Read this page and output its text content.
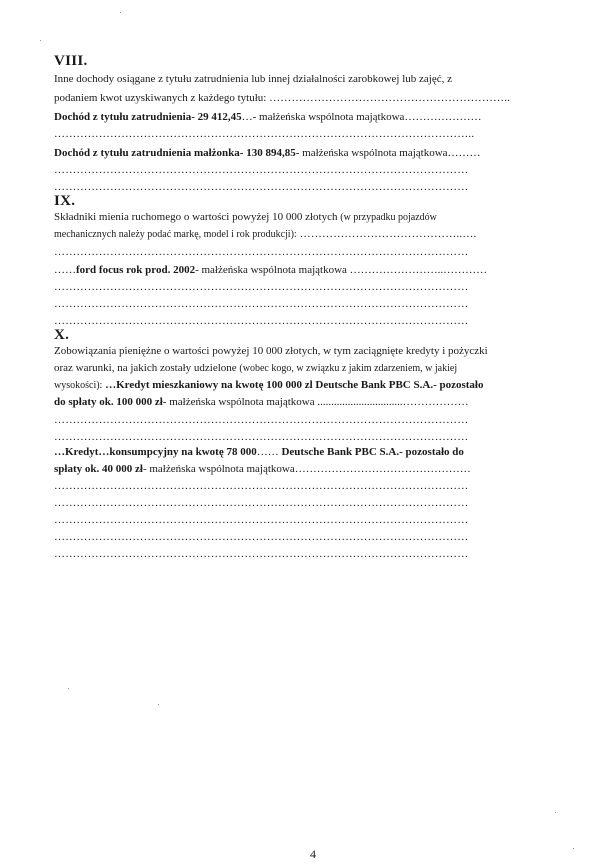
VIII.
Inne dochody osiągane z tytułu zatrudnienia lub innej działalności zarobkowej lub zajęć, z
podaniem kwot uzyskiwanych z każdego tytułu: ………………………………………………………..
Dochód z tytułu zatrudnienia- 29 412,45…- małżeńska wspólnota majątkowa…………………
…………………………………………………………………………………………………..
Dochód z tytułu zatrudnienia małżonka- 130 894,85- małżeńska wspólnota majątkowa………
…………………………………………………………………………………………………
…………………………………………………………………………………………………
IX.
Składniki mienia ruchomego o wartości powyżej 10 000 złotych (w przypadku pojazdów
mechanicznych należy podać markę, model i rok produkcji): ……………………………………..….
…………………………………………………………………………………………………
……ford focus rok prod. 2002- małżeńska wspólnota majątkowa ……………………..…………
…………………………………………………………………………………………………
…………………………………………………………………………………………………
…………………………………………………………………………………………………
X.
Zobowiązania pieniężne o wartości powyżej 10 000 złotych, w tym zaciągnięte kredyty i pożyczki
oraz warunki, na jakich zostały udzielone (wobec kogo, w związku z jakim zdarzeniem, w jakiej
wysokości): …Kredyt mieszkaniowy na kwotę 100 000 zl Deutsche Bank PBC S.A.- pozostało
do spłaty ok. 100 000 zł- małżeńska wspólnota majątkowa ...............................………………
…………………………………………………………………………………………………
…………………………………………………………………………………………………
…Kredyt…konsumpcyjny na kwotę 78 000…… Deutsche Bank PBC S.A.- pozostało do
spłaty ok. 40 000 zł- małżeńska wspólnota majątkowa…………………………………………
…………………………………………………………………………………………………
…………………………………………………………………………………………………
…………………………………………………………………………………………………
…………………………………………………………………………………………………
…………………………………………………………………………………………………
4
